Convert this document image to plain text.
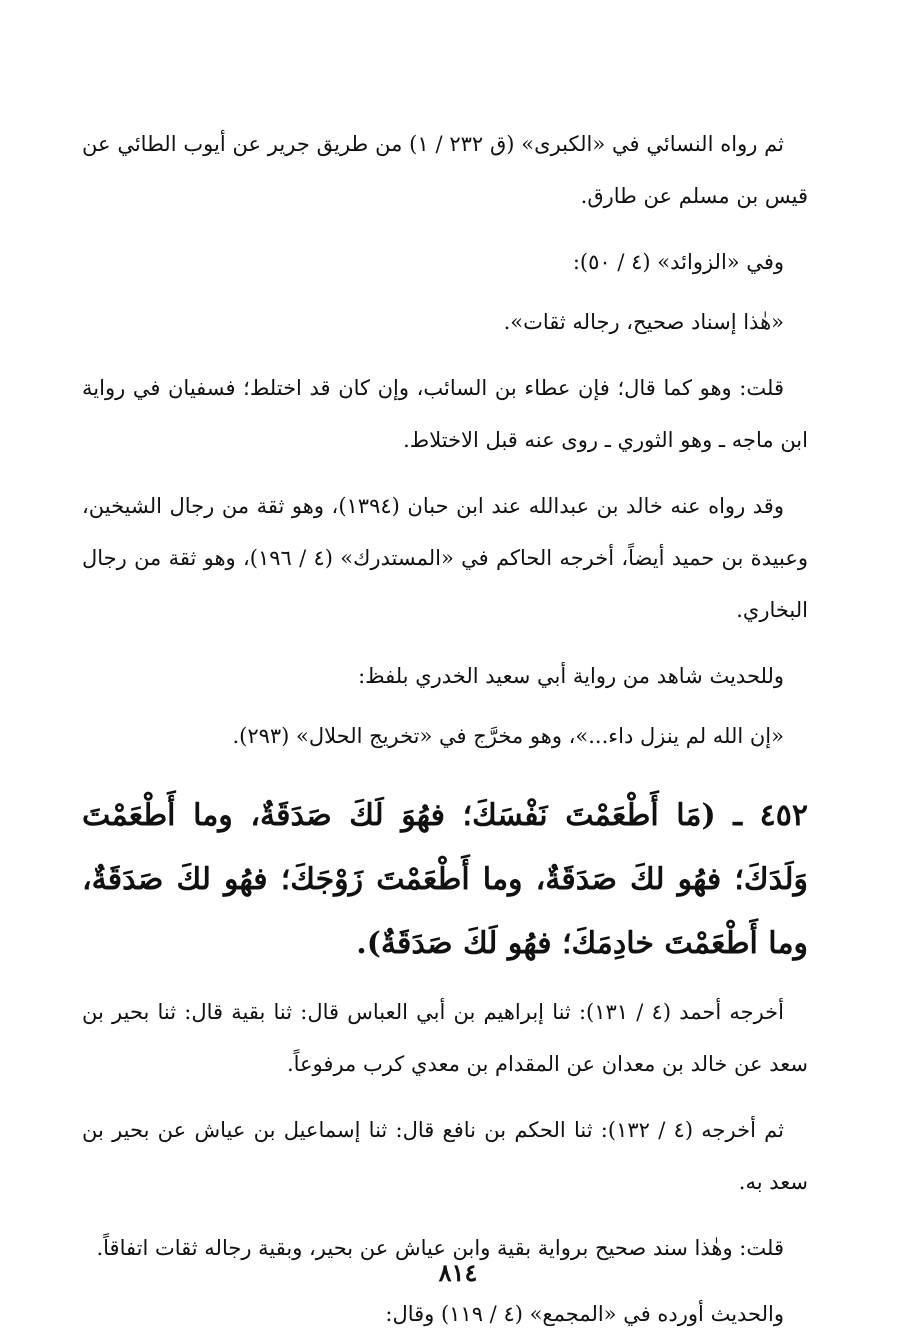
ثم رواه النسائي في «الكبرى» (ق ٢٣٢ / ١) من طريق جرير عن أيوب الطائي عن قيس بن مسلم عن طارق.

وفي «الزوائد» (٤ / ٥٠):

«هٰذا إسناد صحيح، رجاله ثقات».

قلت: وهو كما قال؛ فإن عطاء بن السائب، وإن كان قد اختلط؛ فسفيان في رواية ابن ماجه ـ وهو الثوري ـ روى عنه قبل الاختلاط.

وقد رواه عنه خالد بن عبدالله عند ابن حبان (١٣٩٤)، وهو ثقة من رجال الشيخين، وعبيدة بن حميد أيضاً، أخرجه الحاكم في «المستدرك» (٤ / ١٩٦)، وهو ثقة من رجال البخاري.

وللحديث شاهد من رواية أبي سعيد الخدري بلفظ:

«إن الله لم ينزل داء...»، وهو مخرَّج في «تخريج الحلال» (٢٩٣).

٤٥٢ ـ (مَا أَطْعَمْتَ نَفْسَكَ؛ فهُوَ لَكَ صَدَقَةٌ، وما أَطْعَمْتَ وَلَدَكَ؛ فهُو لكَ صَدَقَةٌ، وما أَطْعَمْتَ زَوْجَكَ؛ فهُو لكَ صَدَقَةٌ، وما أَطْعَمْتَ خادِمَكَ؛ فهُو لَكَ صَدَقَةٌ).

أخرجه أحمد (٤ / ١٣١): ثنا إبراهيم بن أبي العباس قال: ثنا بقية قال: ثنا بحير بن سعد عن خالد بن معدان عن المقدام بن معدي كرب مرفوعاً.

ثم أخرجه (٤ / ١٣٢): ثنا الحكم بن نافع قال: ثنا إسماعيل بن عياش عن بحير بن سعد به.

قلت: وهٰذا سند صحيح برواية بقية وابن عياش عن بحير، وبقية رجاله ثقات اتفاقاً.

والحديث أورده في «المجمع» (٤ / ١١٩) وقال:

٨١٤
